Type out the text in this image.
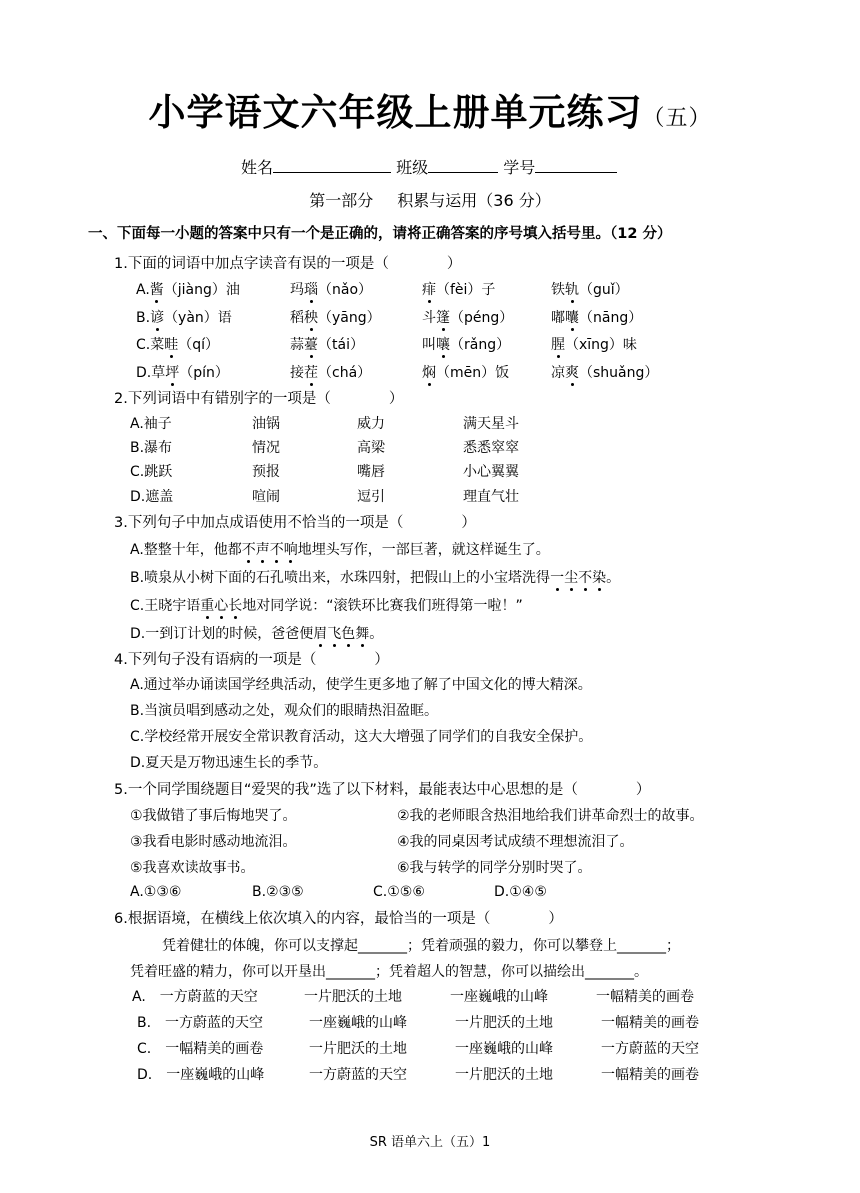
小学语文六年级上册单元练习（五）
姓名	班级	学号
第一部分 积累与运用（36 分）
一、下面每一小题的答案中只有一个是正确的，请将正确答案的序号填入括号里。（12 分）
1.下面的词语中加点字读音有误的一项是（　　　　）
A.酱（jiàng）油	玛瑙（nǎo）	痱（fèi）子	铁轨（guǐ）
B.谚（yàn）语	稻秧（yāng）	斗篷（péng）	嘟囔（nāng）
C.菜畦（qí）	蒜薹（tái）	叫嚷（rǎng）	腥（xīng）味
D.草坪（pín）	接茬（chá）	焖（mēn）饭	凉爽（shuǎng）
2.下列词语中有错别字的一项是（　　　　）
A.袖子	油锅	威力	满天星斗
B.瀑布	情况	高梁	悉悉窣窣
C.跳跃	预报	嘴唇	小心翼翼
D.遮盖	喧闹	逗引	理直气壮
3.下列句子中加点成语使用不恰当的一项是（　　　　）
A.整整十年，他都不声不响地埋头写作，一部巨著，就这样诞生了。
B.喷泉从小树下面的石孔喷出来，水珠四射，把假山上的小宝塔洗得一尘不染。
C.王晓宇语重心长地对同学说：“滚铁环比赛我们班得第一啦！”
D.一到订计划的时候，爸爸便眉飞色舞。
4.下列句子没有语病的一项是（　　　　）
A.通过举办诵读国学经典活动，使学生更多地了解了中国文化的博大精深。
B.当演员唱到感动之处，观众们的眼睛热泪盈眶。
C.学校经常开展安全常识教育活动，这大大增强了同学们的自我安全保护。
D.夏天是万物迅速生长的季节。
5.一个同学围绕题目“爱哭的我”选了以下材料，最能表达中心思想的是（　　　　）
①我做错了事后悔地哭了。	②我的老师眼含热泪地给我们讲革命烈士的故事。
③我看电影时感动地流泪。	④我的同桌因考试成绩不理想流泪了。
⑤我喜欢读故事书。	⑥我与转学的同学分别时哭了。
A.①③⑥	B.②③⑤	C.①⑤⑥	D.①④⑤
6.根据语境，在横线上依次填入的内容，最恰当的一项是（　　　　）
凭着健壮的体魄，你可以支撑起_______；凭着顽强的毅力，你可以攀登上_______；
凭着旺盛的精力，你可以开垦出_______；凭着超人的智慧，你可以描绘出_______。
A.　一方蔚蓝的天空	一片肥沃的土地	一座巍峨的山峰	一幅精美的画卷
B.　一方蔚蓝的天空	一座巍峨的山峰	一片肥沃的土地	一幅精美的画卷
C.　一幅精美的画卷	一片肥沃的土地	一座巍峨的山峰	一方蔚蓝的天空
D.　一座巍峨的山峰	一方蔚蓝的天空	一片肥沃的土地	一幅精美的画卷
SR 语单六上（五）1
